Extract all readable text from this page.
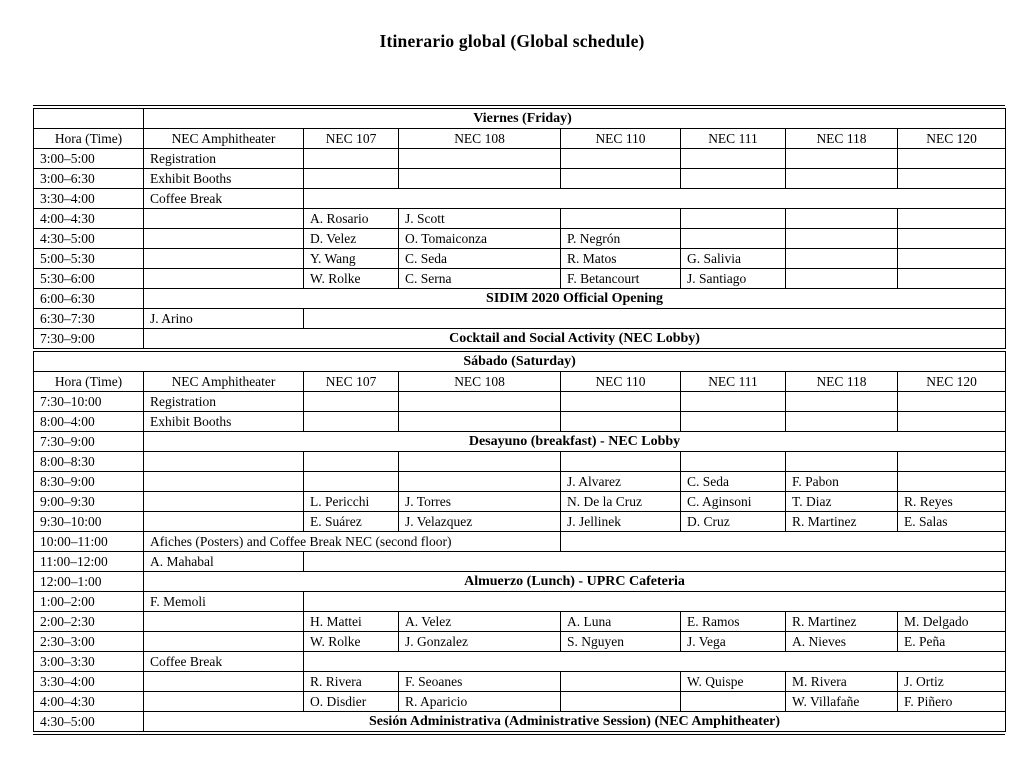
Itinerario global (Global schedule)
	Viernes (Friday)						
Hora (Time)	NEC Amphitheater	NEC 107	NEC 108	NEC 110	NEC 111	NEC 118	NEC 120
3:00–5:00	Registration						
3:00–6:30	Exhibit Booths						
3:30–4:00	Coffee Break						
4:00–4:30		A. Rosario	J. Scott				
4:30–5:00		D. Velez	O. Tomaiconza	P. Negrón			
5:00–5:30		Y. Wang	C. Seda	R. Matos	G. Salivia		
5:30–6:00		W. Rolke	C. Serna	F. Betancourt	J. Santiago		
6:00–6:30	SIDIM 2020 Official Opening						
6:30–7:30	J. Arino						
7:30–9:00	Cocktail and Social Activity (NEC Lobby)						
Sábado (Saturday)							
Hora (Time)	NEC Amphitheater	NEC 107	NEC 108	NEC 110	NEC 111	NEC 118	NEC 120
7:30–10:00	Registration						
8:00–4:00	Exhibit Booths						
7:30–9:00	Desayuno (breakfast) - NEC Lobby						
8:00–8:30							
8:30–9:00				J. Alvarez	C. Seda	F. Pabon	
9:00–9:30		L. Pericchi	J. Torres	N. De la Cruz	C. Aginsoni	T. Diaz	R. Reyes
9:30–10:00		E. Suárez	J. Velazquez	J. Jellinek	D. Cruz	R. Martinez	E. Salas
10:00–11:00	Afiches (Posters) and Coffee Break NEC (second floor)						
11:00–12:00	A. Mahabal						
12:00–1:00	Almuerzo (Lunch) - UPRC Cafeteria						
1:00–2:00	F. Memoli						
2:00–2:30		H. Mattei	A. Velez	A. Luna	E. Ramos	R. Martinez	M. Delgado
2:30–3:00		W. Rolke	J. Gonzalez	S. Nguyen	J. Vega	A. Nieves	E. Peña
3:00–3:30	Coffee Break						
3:30–4:00		R. Rivera	F. Seoanes		W. Quispe	M. Rivera	J. Ortiz
4:00–4:30		O. Disdier	R. Aparicio			W. Villafañe	F. Piñero
4:30–5:00	Sesión Administrativa (Administrative Session) (NEC Amphitheater)						
